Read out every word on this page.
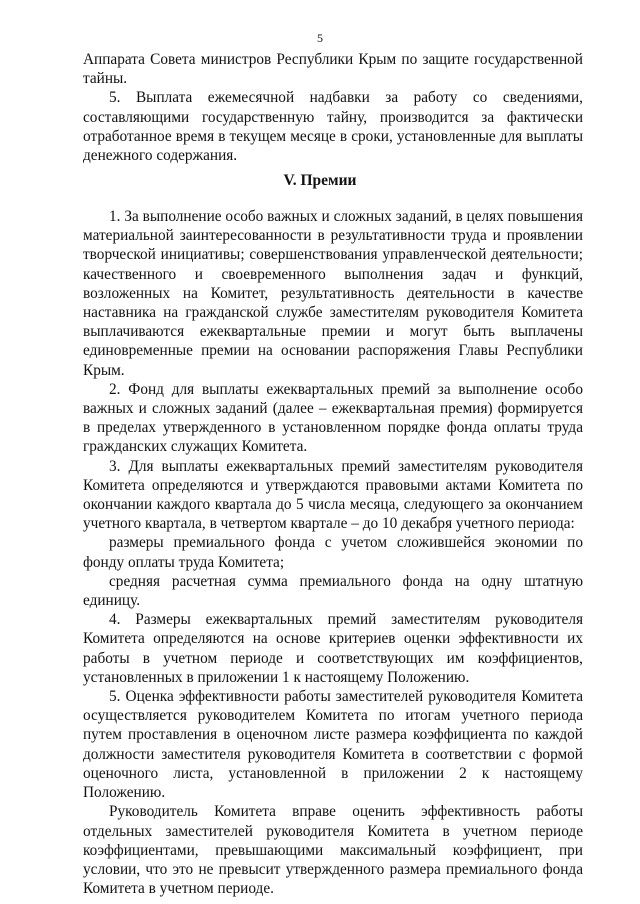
5

Аппарата Совета министров Республики Крым по защите государственной тайны.

5. Выплата ежемесячной надбавки за работу со сведениями, составляющими государственную тайну, производится за фактически отработанное время в текущем месяце в сроки, установленные для выплаты денежного содержания.

V. Премии

1. За выполнение особо важных и сложных заданий, в целях повышения материальной заинтересованности в результативности труда и проявлении творческой инициативы; совершенствования управленческой деятельности; качественного и своевременного выполнения задач и функций, возложенных на Комитет, результативность деятельности в качестве наставника на гражданской службе заместителям руководителя Комитета выплачиваются ежеквартальные премии и могут быть выплачены единовременные премии на основании распоряжения Главы Республики Крым.

2. Фонд для выплаты ежеквартальных премий за выполнение особо важных и сложных заданий (далее – ежеквартальная премия) формируется в пределах утвержденного в установленном порядке фонда оплаты труда гражданских служащих Комитета.

3. Для выплаты ежеквартальных премий заместителям руководителя Комитета определяются и утверждаются правовыми актами Комитета по окончании каждого квартала до 5 числа месяца, следующего за окончанием учетного квартала, в четвертом квартале – до 10 декабря учетного периода:

размеры премиального фонда с учетом сложившейся экономии по фонду оплаты труда Комитета;

средняя расчетная сумма премиального фонда на одну штатную единицу.

4. Размеры ежеквартальных премий заместителям руководителя Комитета определяются на основе критериев оценки эффективности их работы в учетном периоде и соответствующих им коэффициентов, установленных в приложении 1 к настоящему Положению.

5. Оценка эффективности работы заместителей руководителя Комитета осуществляется руководителем Комитета по итогам учетного периода путем проставления в оценочном листе размера коэффициента по каждой должности заместителя руководителя Комитета в соответствии с формой оценочного листа, установленной в приложении 2 к настоящему Положению.

Руководитель Комитета вправе оценить эффективность работы отдельных заместителей руководителя Комитета в учетном периоде коэффициентами, превышающими максимальный коэффициент, при условии, что это не превысит утвержденного размера премиального фонда Комитета в учетном периоде.
